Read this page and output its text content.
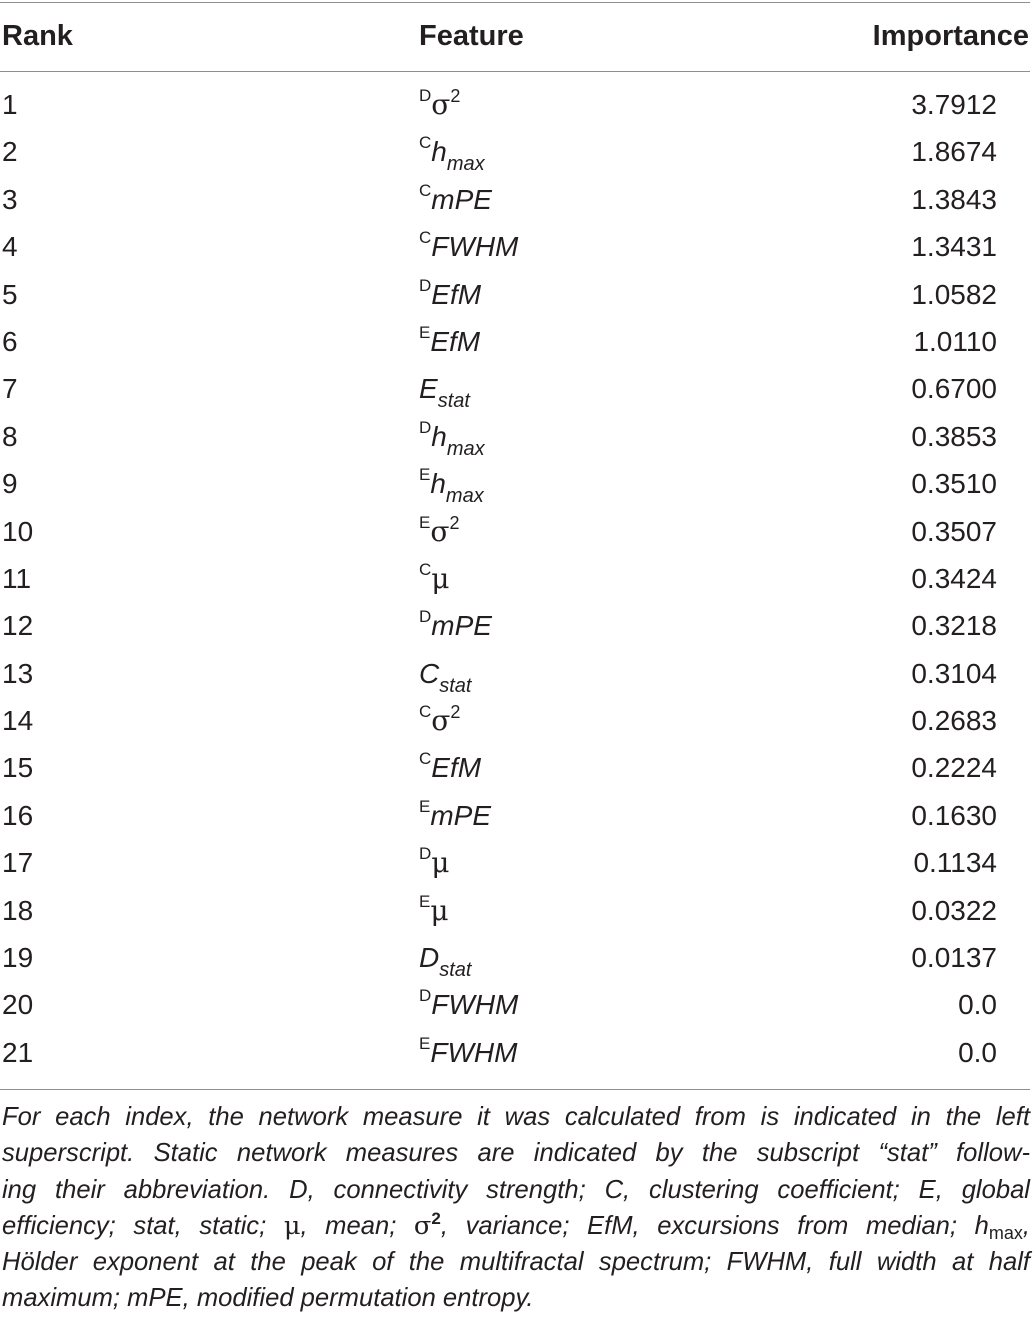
Rank	Feature	Importance
1	$^D\sigma^2$	3.7912
2	$^Ch_{max}$	1.8674
3	$^C$mPE	1.3843
4	$^C$FWHM	1.3431
5	$^D$EfM	1.0582
6	$^E$EfM	1.0110
7	$E_{stat}$	0.6700
8	$^Dh_{max}$	0.3853
9	$^Eh_{max}$	0.3510
10	$^E\sigma^2$	0.3507
11	$^C$μ	0.3424
12	$^D$mPE	0.3218
13	$C_{stat}$	0.3104
14	$^C\sigma^2$	0.2683
15	$^C$EfM	0.2224
16	$^E$mPE	0.1630
17	$^D$μ	0.1134
18	$^E$μ	0.0322
19	$D_{stat}$	0.0137
20	$^D$FWHM	0.0
21	$^E$FWHM	0.0
For each index, the network measure it was calculated from is indicated in the left
superscript. Static network measures are indicated by the subscript “stat” follow-
ing their abbreviation. D, connectivity strength; C, clustering coefficient; E, global
efficiency; stat, static; μ, mean; $\sigma^2$, variance; EfM, excursions from median; hmax,
Hölder exponent at the peak of the multifractal spectrum; FWHM, full width at half
maximum; mPE, modified permutation entropy.
